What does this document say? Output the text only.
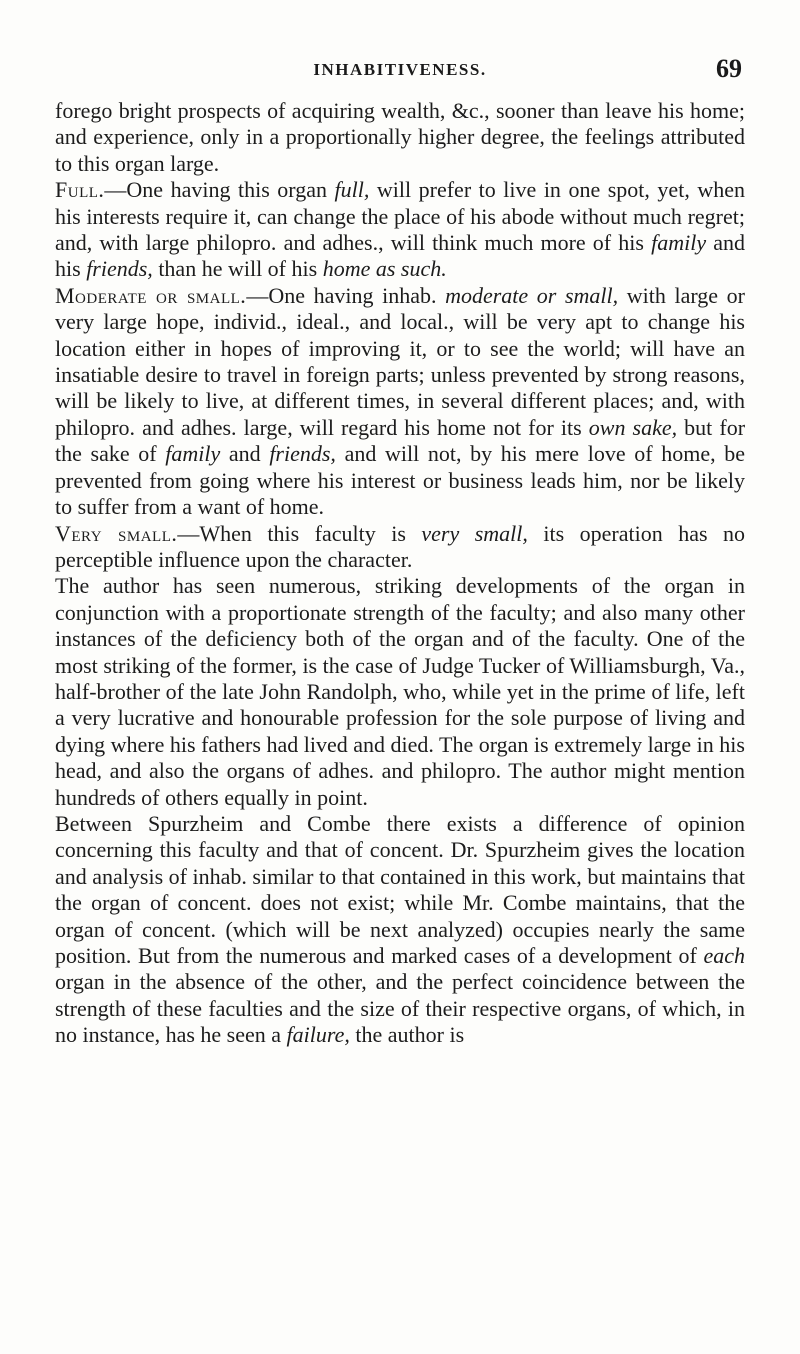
INHABITIVENESS.	69

forego bright prospects of acquiring wealth, &c., sooner than leave his home; and experience, only in a proportionally higher degree, the feelings attributed to this organ large.

Full.—One having this organ full, will prefer to live in one spot, yet, when his interests require it, can change the place of his abode without much regret; and, with large philopro. and adhes., will think much more of his family and his friends, than he will of his home as such.

Moderate or small.—One having inhab. moderate or small, with large or very large hope, individ., ideal., and local., will be very apt to change his location either in hopes of improving it, or to see the world; will have an insatiable desire to travel in foreign parts; unless prevented by strong reasons, will be likely to live, at different times, in several different places; and, with philopro. and adhes. large, will regard his home not for its own sake, but for the sake of family and friends, and will not, by his mere love of home, be prevented from going where his interest or business leads him, nor be likely to suffer from a want of home.

Very small.—When this faculty is very small, its operation has no perceptible influence upon the character.

The author has seen numerous, striking developments of the organ in conjunction with a proportionate strength of the faculty; and also many other instances of the deficiency both of the organ and of the faculty. One of the most striking of the former, is the case of Judge Tucker of Williamsburgh, Va., half-brother of the late John Randolph, who, while yet in the prime of life, left a very lucrative and honourable profession for the sole purpose of living and dying where his fathers had lived and died. The organ is extremely large in his head, and also the organs of adhes. and philopro. The author might mention hundreds of others equally in point.

Between Spurzheim and Combe there exists a difference of opinion concerning this faculty and that of concent. Dr. Spurzheim gives the location and analysis of inhab. similar to that contained in this work, but maintains that the organ of concent. does not exist; while Mr. Combe maintains, that the organ of concent. (which will be next analyzed) occupies nearly the same position. But from the numerous and marked cases of a development of each organ in the absence of the other, and the perfect coincidence between the strength of these faculties and the size of their respective organs, of which, in no instance, has he seen a failure, the author is
